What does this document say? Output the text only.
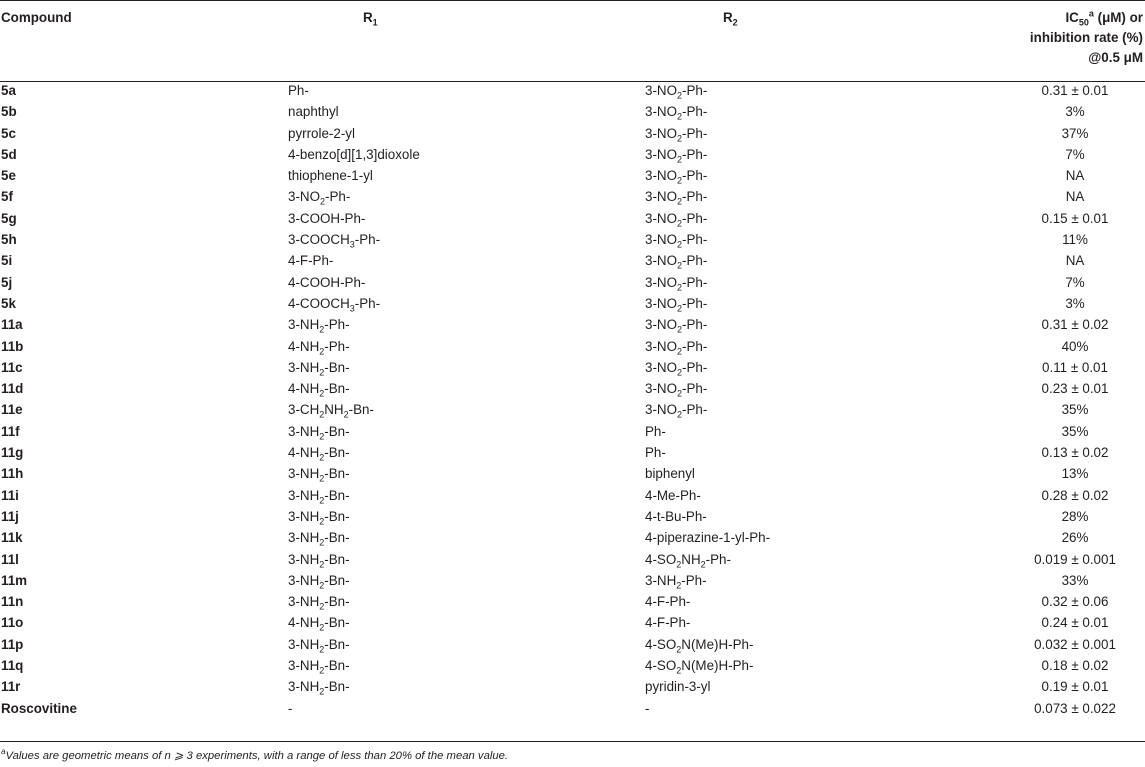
Compound	$R_1$	$R_2$	$IC_{50}^a$ (μM) or
inhibition rate (%)
@0.5 μM
5a	Ph-	$3-NO_2-Ph-$	0.31 ± 0.01
5b	naphthyl	$3-NO_2-Ph-$	3%
5c	pyrrole-2-yl	$3-NO_2-Ph-$	37%
5d	4-benzo[d][1,3]dioxole	$3-NO_2-Ph-$	7%
5e	thiophene-1-yl	$3-NO_2-Ph-$	NA
5f	$3-NO_2-Ph-$	$3-NO_2-Ph-$	NA
5g	3-COOH-Ph-	$3-NO_2-Ph-$	0.15 ± 0.01
5h	$3-COOCH_3-Ph-$	$3-NO_2-Ph-$	11%
5i	4-F-Ph-	$3-NO_2-Ph-$	NA
5j	4-COOH-Ph-	$3-NO_2-Ph-$	7%
5k	$4-COOCH_3-Ph-$	$3-NO_2-Ph-$	3%
11a	$3-NH_2-Ph-$	$3-NO_2-Ph-$	0.31 ± 0.02
11b	$4-NH_2-Ph-$	$3-NO_2-Ph-$	40%
11c	$3-NH_2-Bn-$	$3-NO_2-Ph-$	0.11 ± 0.01
11d	$4-NH_2-Bn-$	$3-NO_2-Ph-$	0.23 ± 0.01
11e	$3-CH_2NH_2-Bn-$	$3-NO_2-Ph-$	35%
11f	$3-NH_2-Bn-$	Ph-	35%
11g	$4-NH_2-Bn-$	Ph-	0.13 ± 0.02
11h	$3-NH_2-Bn-$	biphenyl	13%
11i	$3-NH_2-Bn-$	4-Me-Ph-	0.28 ± 0.02
11j	$3-NH_2-Bn-$	4-t-Bu-Ph-	28%
11k	$3-NH_2-Bn-$	4-piperazine-1-yl-Ph-	26%
11l	$3-NH_2-Bn-$	$4-SO_2NH_2-Ph-$	0.019 ± 0.001
11m	$3-NH_2-Bn-$	$3-NH_2-Ph-$	33%
11n	$3-NH_2-Bn-$	4-F-Ph-	0.32 ± 0.06
11o	$4-NH_2-Bn-$	4-F-Ph-	0.24 ± 0.01
11p	$3-NH_2-Bn-$	$4-SO_2N(Me)H-Ph-$	0.032 ± 0.001
11q	$3-NH_2-Bn-$	$4-SO_2N(Me)H-Ph-$	0.18 ± 0.02
11r	$3-NH_2-Bn-$	pyridin-3-yl	0.19 ± 0.01
Roscovitine	-	-	0.073 ± 0.022
$^a$Values are geometric means of n ⩾ 3 experiments, with a range of less than 20% of the mean value.
